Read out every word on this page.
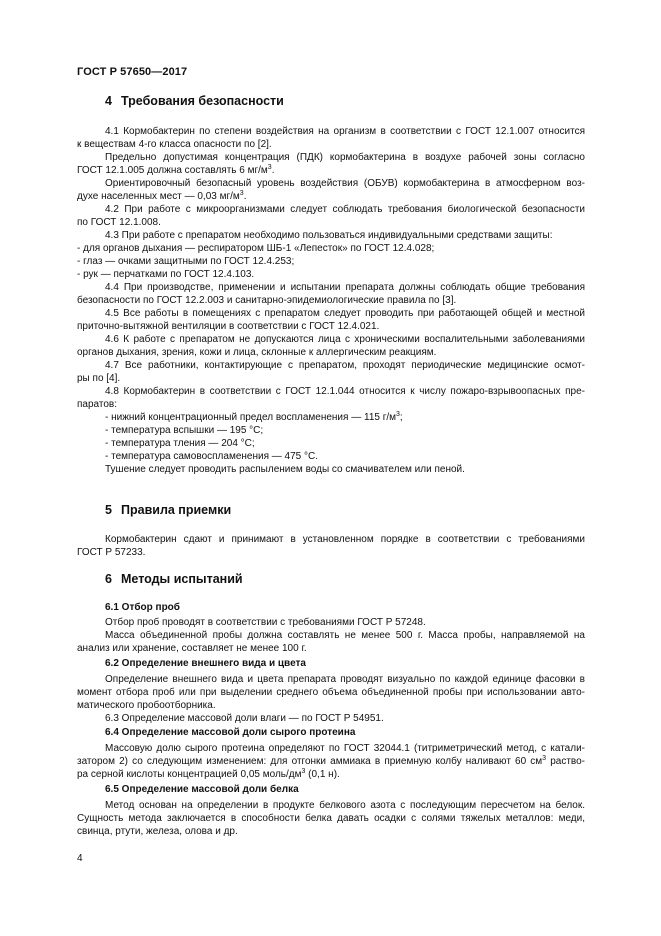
ГОСТ Р 57650—2017
4 Требования безопасности
4.1 Кормобактерин по степени воздействия на организм в соответствии с ГОСТ 12.1.007 относится
к веществам 4-го класса опасности по [2].
Предельно допустимая концентрация (ПДК) кормобактерина в воздухе рабочей зоны согласно
ГОСТ 12.1.005 должна составлять 6 $мг/м^3$.
Ориентировочный безопасный уровень воздействия (ОБУВ) кормобактерина в атмосферном воз-
духе населенных мест — 0,03 $мг/м^3$.
4.2 При работе с микроорганизмами следует соблюдать требования биологической безопасности
по ГОСТ 12.1.008.
4.3 При работе с препаратом необходимо пользоваться индивидуальными средствами защиты:
- для органов дыхания — респиратором ШБ-1 «Лепесток» по ГОСТ 12.4.028;
- глаз — очками защитными по ГОСТ 12.4.253;
- рук — перчатками по ГОСТ 12.4.103.
4.4 При производстве, применении и испытании препарата должны соблюдать общие требования
безопасности по ГОСТ 12.2.003 и санитарно-эпидемиологические правила по [3].
4.5 Все работы в помещениях с препаратом следует проводить при работающей общей и местной
приточно-вытяжной вентиляции в соответствии с ГОСТ 12.4.021.
4.6 К работе с препаратом не допускаются лица с хроническими воспалительными заболеваниями
органов дыхания, зрения, кожи и лица, склонные к аллергическим реакциям.
4.7 Все работники, контактирующие с препаратом, проходят периодические медицинские осмот-
ры по [4].
4.8 Кормобактерин в соответствии с ГОСТ 12.1.044 относится к числу пожаро-взрывоопасных пре-
паратов:
- нижний концентрационный предел воспламенения — 115 $г/м^3$;
- температура вспышки — 195 °С;
- температура тления — 204 °С;
- температура самовоспламенения — 475 °С.
Тушение следует проводить распылением воды со смачивателем или пеной.
5 Правила приемки
Кормобактерин сдают и принимают в установленном порядке в соответствии с требованиями
ГОСТ Р 57233.
6 Методы испытаний
6.1 Отбор проб
Отбор проб проводят в соответствии с требованиями ГОСТ Р 57248.
Масса объединенной пробы должна составлять не менее 500 г. Масса пробы, направляемой на
анализ или хранение, составляет не менее 100 г.
6.2 Определение внешнего вида и цвета
Определение внешнего вида и цвета препарата проводят визуально по каждой единице фасовки в
момент отбора проб или при выделении среднего объема объединенной пробы при использовании авто-
матического пробоотборника.
6.3 Определение массовой доли влаги — по ГОСТ Р 54951.
6.4 Определение массовой доли сырого протеина
Массовую долю сырого протеина определяют по ГОСТ 32044.1 (титриметрический метод, с катали-
затором 2) со следующим изменением: для отгонки аммиака в приемную колбу наливают 60 $см^3$ раство-
ра серной кислоты концентрацией 0,05 моль/$дм^3$ (0,1 н).
6.5 Определение массовой доли белка
Метод основан на определении в продукте белкового азота с последующим пересчетом на белок.
Сущность метода заключается в способности белка давать осадки с солями тяжелых металлов: меди,
свинца, ртути, железа, олова и др.
4
